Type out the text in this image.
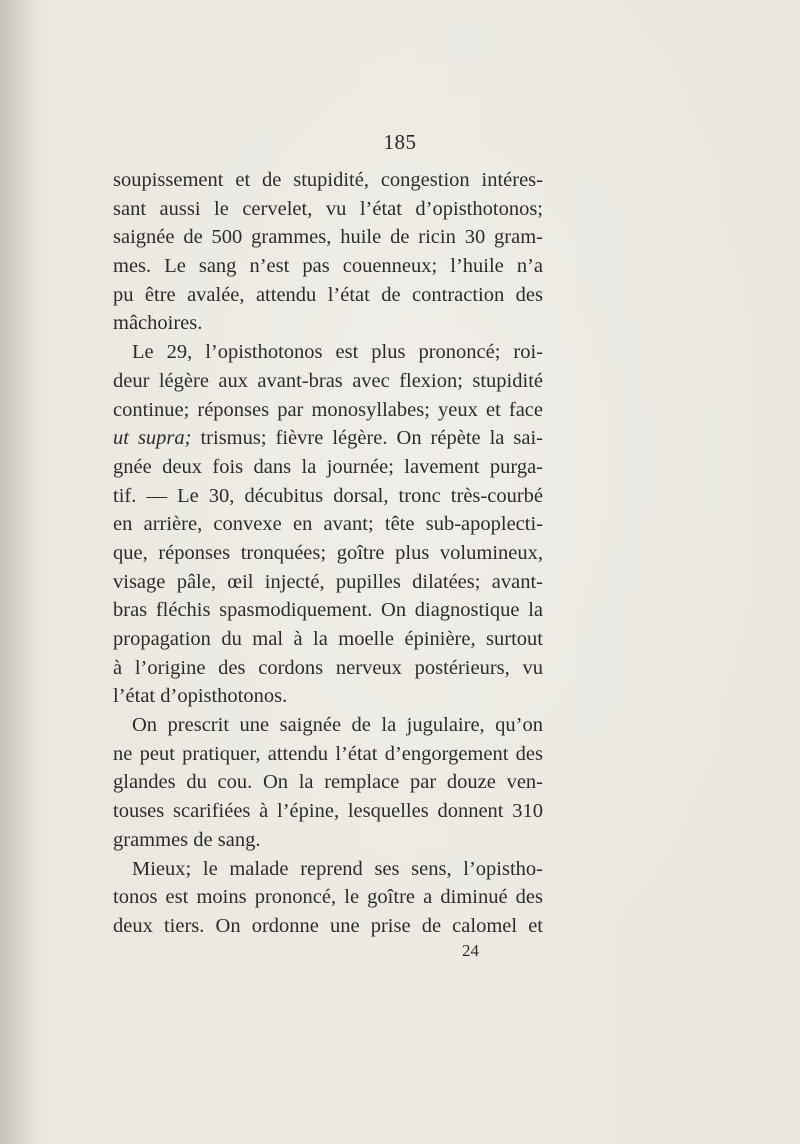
185
soupissement et de stupidité, congestion intéres-
sant aussi le cervelet, vu l’état d’opisthotonos;
saignée de 500 grammes, huile de ricin 30 gram-
mes. Le sang n’est pas couenneux; l’huile n’a
pu être avalée, attendu l’état de contraction des
mâchoires.
Le 29, l’opisthotonos est plus prononcé; roi-
deur légère aux avant-bras avec flexion; stupidité
continue; réponses par monosyllabes; yeux et face
ut supra; trismus; fièvre légère. On répète la sai-
gnée deux fois dans la journée; lavement purga-
tif. — Le 30, décubitus dorsal, tronc très-courbé
en arrière, convexe en avant; tête sub-apoplecti-
que, réponses tronquées; goître plus volumineux,
visage pâle, œil injecté, pupilles dilatées; avant-
bras fléchis spasmodiquement. On diagnostique la
propagation du mal à la moelle épinière, surtout
à l’origine des cordons nerveux postérieurs, vu
l’état d’opisthotonos.
On prescrit une saignée de la jugulaire, qu’on
ne peut pratiquer, attendu l’état d’engorgement des
glandes du cou. On la remplace par douze ven-
touses scarifiées à l’épine, lesquelles donnent 310
grammes de sang.
Mieux; le malade reprend ses sens, l’opistho-
tonos est moins prononcé, le goître a diminué des
deux tiers. On ordonne une prise de calomel et
24
